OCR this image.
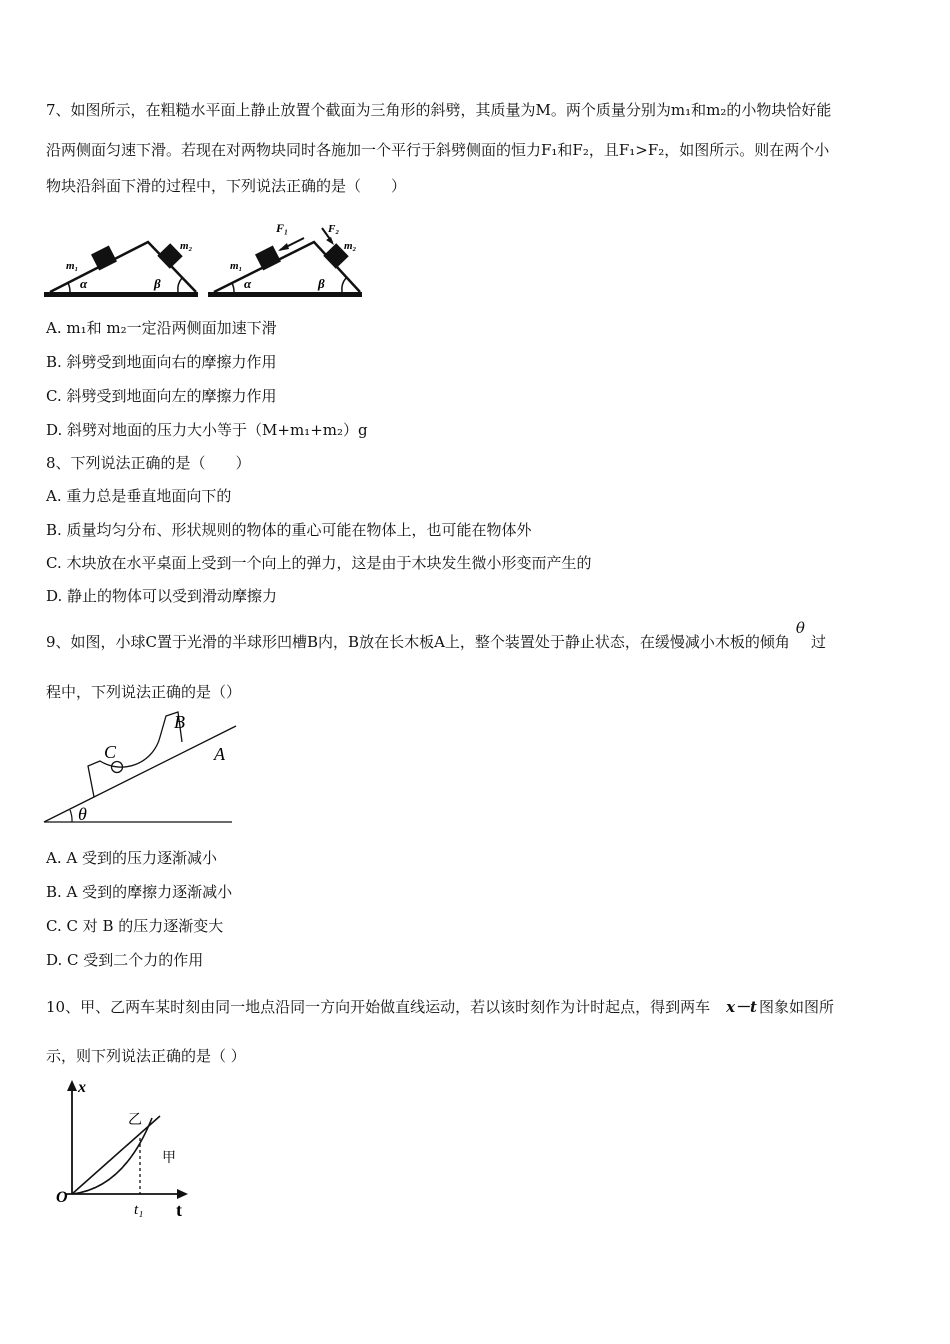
7、如图所示，在粗糙水平面上静止放置个截面为三角形的斜劈，其质量为M。两个质量分别为m₁和m₂的小物块恰好能
沿两侧面匀速下滑。若现在对两物块同时各施加一个平行于斜劈侧面的恒力F₁和F₂，且F₁>F₂，如图所示。则在两个小
物块沿斜面下滑的过程中，下列说法正确的是（　　）
m₁
m₂
α	β
m₁
m₂
α	β
F₁	F₂
A. m₁和 m₂一定沿两侧面加速下滑
B. 斜劈受到地面向右的摩擦力作用
C. 斜劈受到地面向左的摩擦力作用
D. 斜劈对地面的压力大小等于（M+m₁+m₂）g
8、下列说法正确的是（　　）
A. 重力总是垂直地面向下的
B. 质量均匀分布、形状规则的物体的重心可能在物体上，也可能在物体外
C. 木块放在水平桌面上受到一个向上的弹力，这是由于木块发生微小形变而产生的
D. 静止的物体可以受到滑动摩擦力
9、如图，小球C置于光滑的半球形凹槽B内，B放在长木板A上，整个装置处于静止状态，在缓慢减小木板的倾角θ过
程中，下列说法正确的是（）
θ
C
B
A
A. A 受到的压力逐渐减小
B. A 受到的摩擦力逐渐减小
C. C 对 B 的压力逐渐变大
D. C 受到二个力的作用
10、甲、乙两车某时刻由同一地点沿同一方向开始做直线运动，若以该时刻作为计时起点，得到两车 x－t 图象如图所
示，则下列说法正确的是（ ）
x
O
t
t₁
乙
甲
